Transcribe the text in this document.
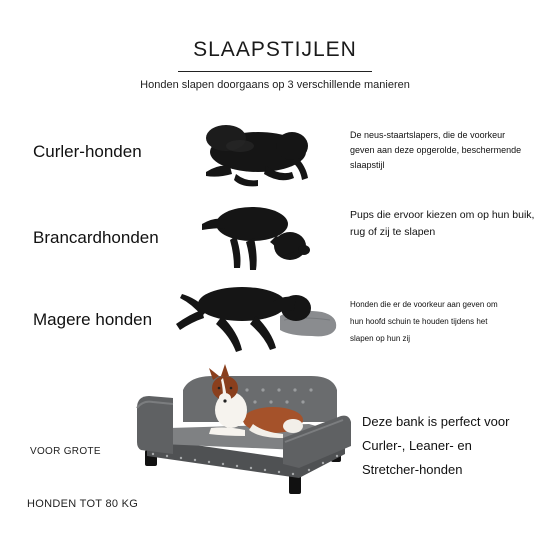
SLAAPSTIJLEN
Honden slapen doorgaans op 3 verschillende manieren
Curler-honden
De neus-staartslapers, die de voorkeur
geven aan deze opgerolde, beschermende
slaapstijl
Brancardhonden
Pups die ervoor kiezen om op hun buik,
rug of zij te slapen
Magere honden
Honden die er de voorkeur aan geven om
hun hoofd schuin te houden tijdens het
slapen op hun zij
Deze bank is perfect voor
Curler-, Leaner- en
Stretcher-honden
VOOR GROTE
HONDEN TOT 80 KG
